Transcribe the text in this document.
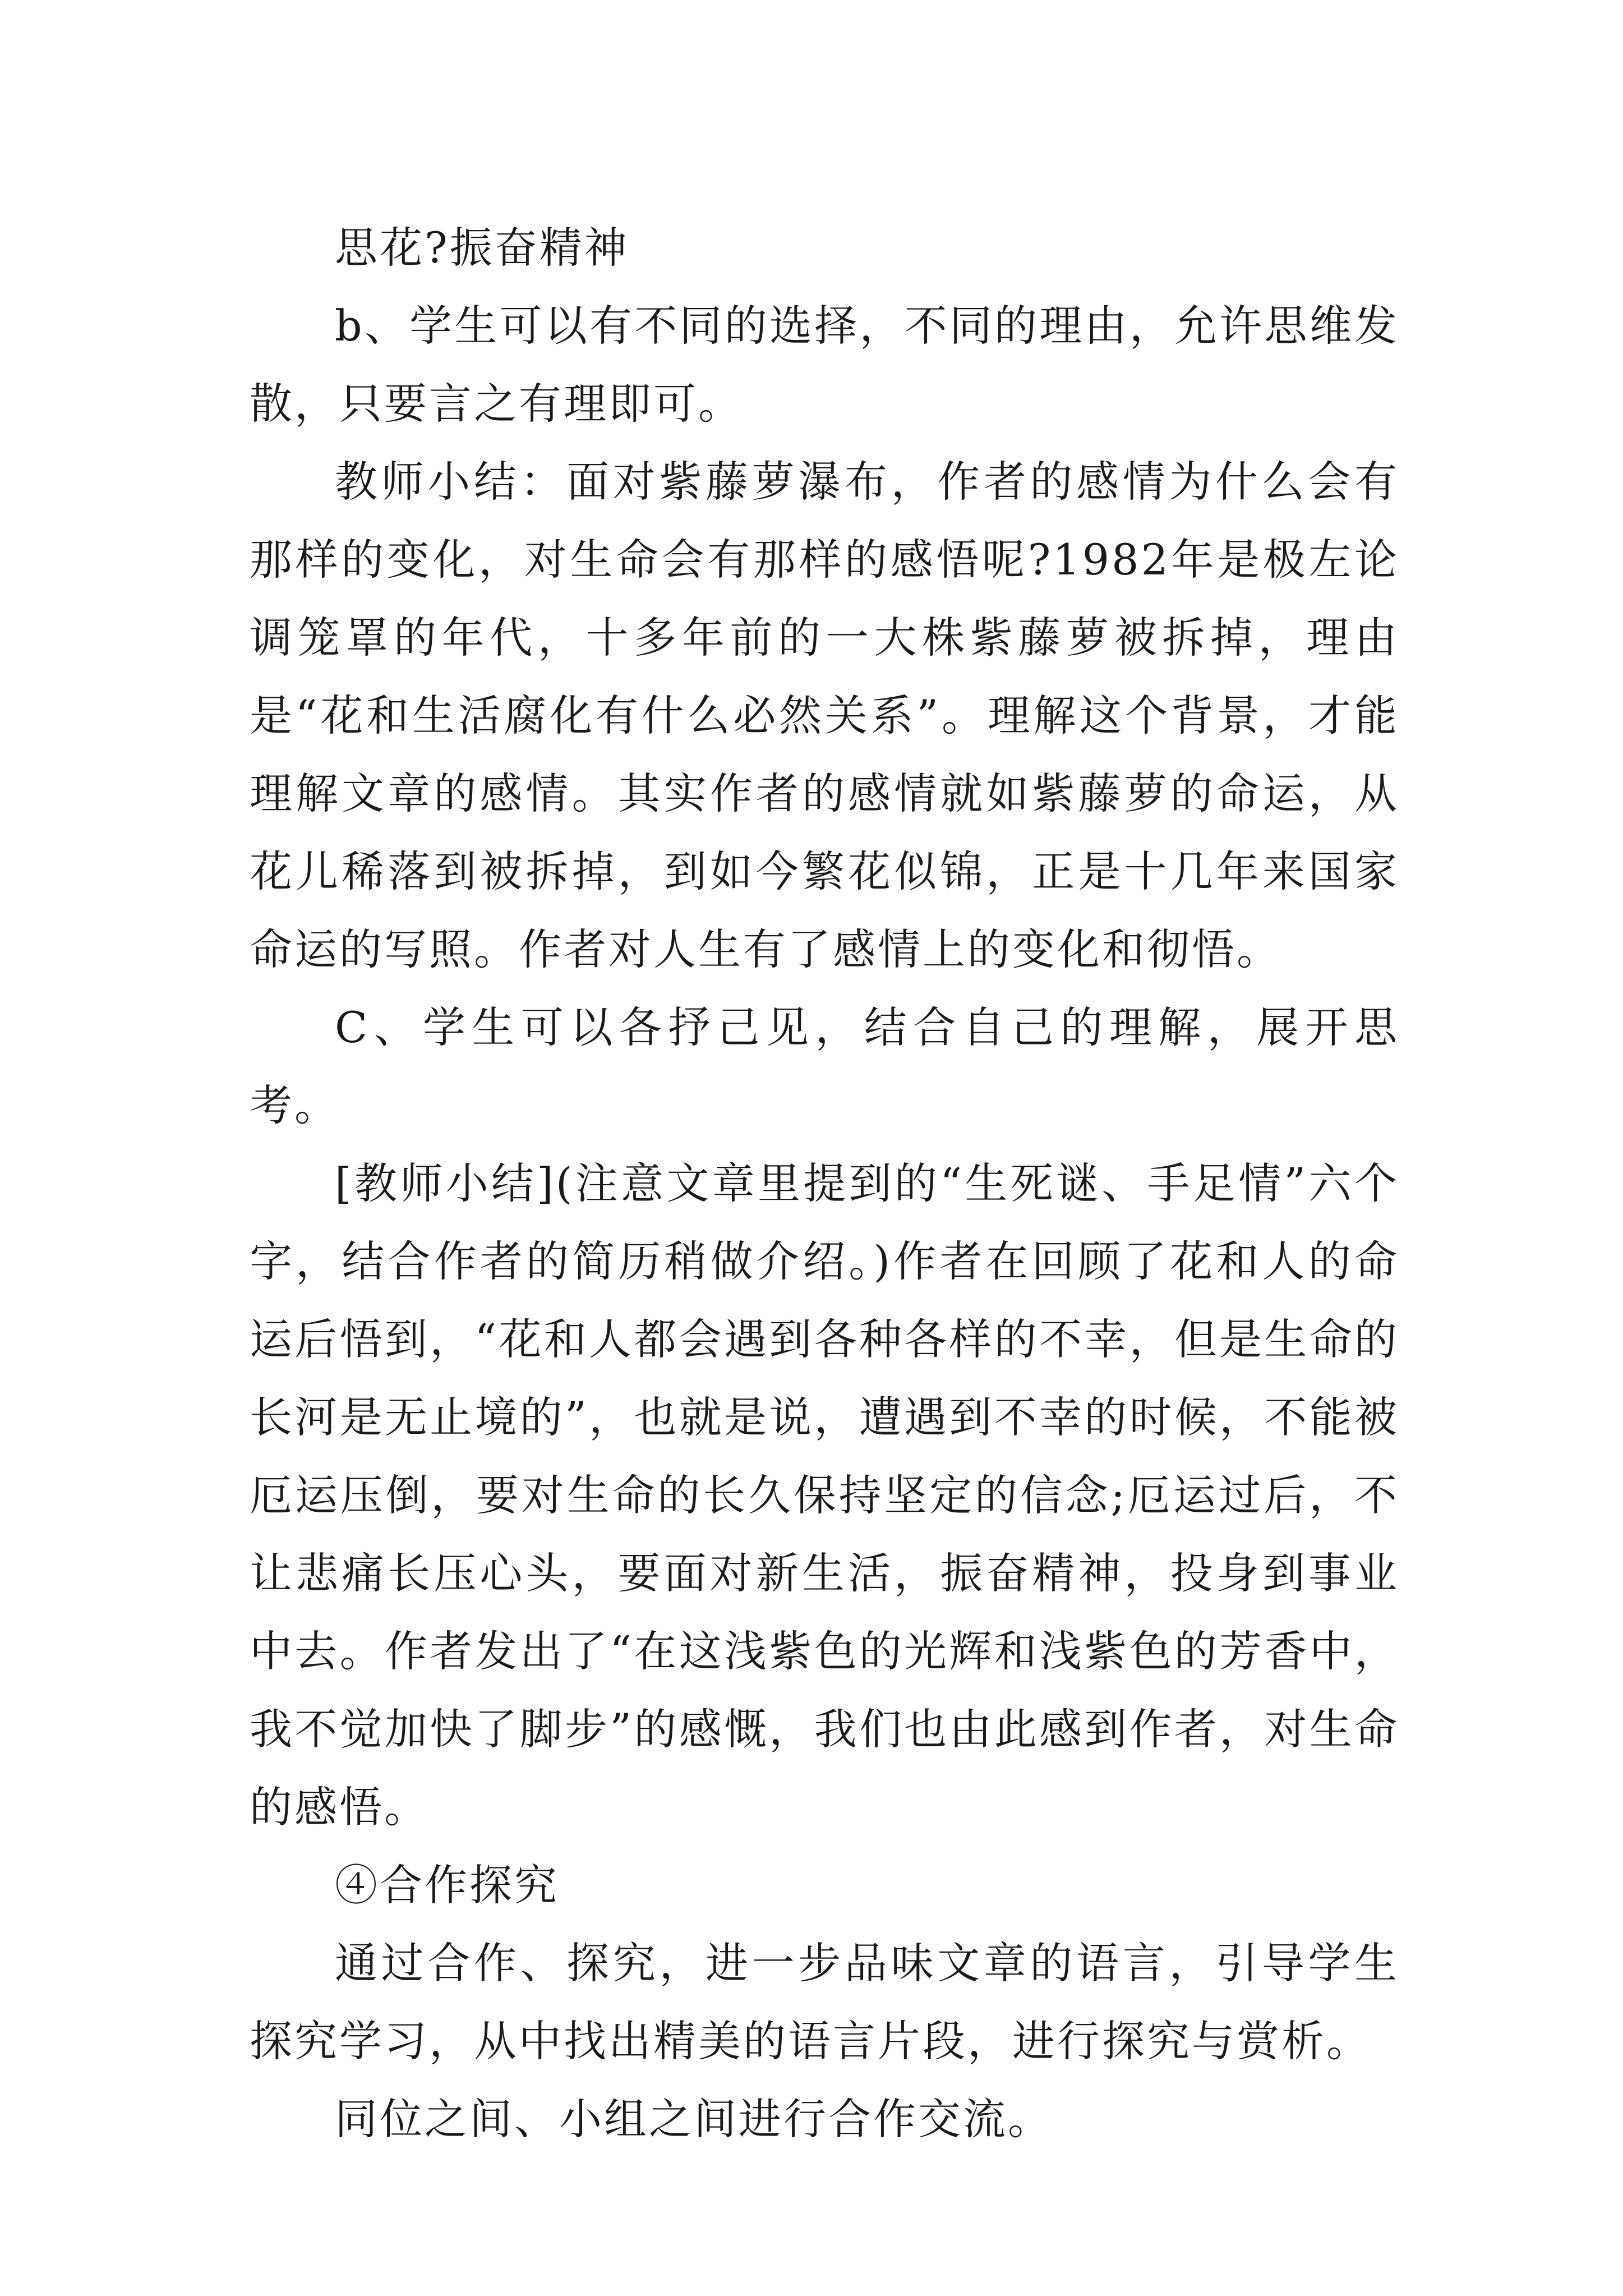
思花?振奋精神

b、学生可以有不同的选择，不同的理由，允许思维发散，只要言之有理即可。

教师小结：面对紫藤萝瀑布，作者的感情为什么会有那样的变化，对生命会有那样的感悟呢?1982年是极左论调笼罩的年代，十多年前的一大株紫藤萝被拆掉，理由是“花和生活腐化有什么必然关系”。理解这个背景，才能理解文章的感情。其实作者的感情就如紫藤萝的命运，从花儿稀落到被拆掉，到如今繁花似锦，正是十几年来国家命运的写照。作者对人生有了感情上的变化和彻悟。

C、学生可以各抒己见，结合自己的理解，展开思考。

[教师小结](注意文章里提到的“生死谜、手足情”六个字，结合作者的简历稍做介绍。)作者在回顾了花和人的命运后悟到，“花和人都会遇到各种各样的不幸，但是生命的长河是无止境的”，也就是说，遭遇到不幸的时候，不能被厄运压倒，要对生命的长久保持坚定的信念;厄运过后，不让悲痛长压心头，要面对新生活，振奋精神，投身到事业中去。作者发出了“在这浅紫色的光辉和浅紫色的芳香中，我不觉加快了脚步”的感慨，我们也由此感到作者，对生命的感悟。

④合作探究

通过合作、探究，进一步品味文章的语言，引导学生探究学习，从中找出精美的语言片段，进行探究与赏析。

同位之间、小组之间进行合作交流。
